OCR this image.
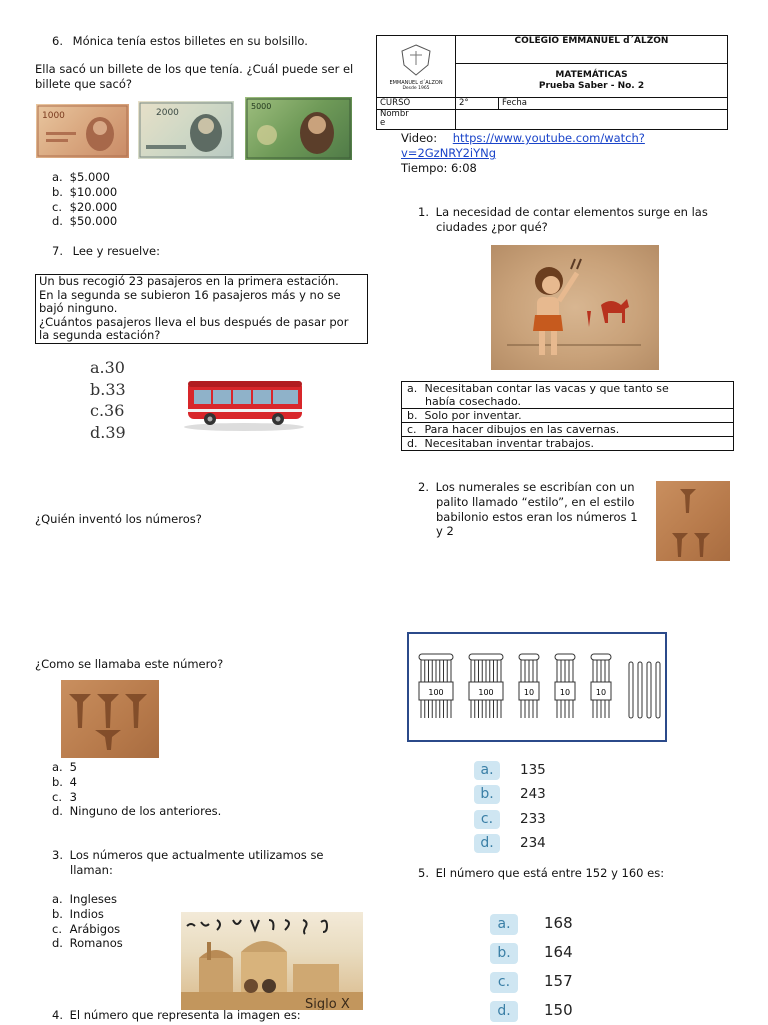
6. Mónica tenía estos billetes en su bolsillo.
Ella sacó un billete de los que tenía. ¿Cuál puede ser el
billete que sacó?
1000	2000
5000
a. $5.000
b. $10.000
c. $20.000
d. $50.000
7. Lee y resuelve:
Un bus recogió 23 pasajeros en la primera estación.
En la segunda se subieron 16 pasajeros más y no se
bajó ninguno.
¿Cuántos pasajeros lleva el bus después de pasar por
la segunda estación?
a.30
b.33
c.36
d.39
¿Quién inventó los números?
¿Como se llamaba este número?
a. 5
b. 4
c. 3
d. Ninguno de los anteriores.
3. Los números que actualmente utilizamos se
llaman:
a. Ingleses
b. Indios
c. Arábigos
d. Romanos
Siglo X
4. El número que representa la imagen es:
EMMANUEL d´ALZON
Desde 1965	COLEGIO EMMANUEL d´ALZON	

	MATEMÁTICAS
Prueba Saber - No. 2	

CURSO	2°	Fecha

Nombr
e		

Video: https://www.youtube.com/watch?
v=2GzNRY2iYNg
Tiempo: 6:08
1. La necesidad de contar elementos surge en las
ciudades ¿por qué?
a. Necesitaban contar las vacas y que tanto se
había cosechado.

b. Solo por inventar.
c. Para hacer dibujos en las cavernas.
d. Necesitaban inventar trabajos.
2. Los numerales se escribían con un
palito llamado “estilo”, en el estilo
babilonio estos eran los números 1
y 2
100	100	10	10	10
a. 135
b. 243
c. 233
d. 234
5. El número que está entre 152 y 160 es:
a. 168
b. 164
c. 157
d. 150
